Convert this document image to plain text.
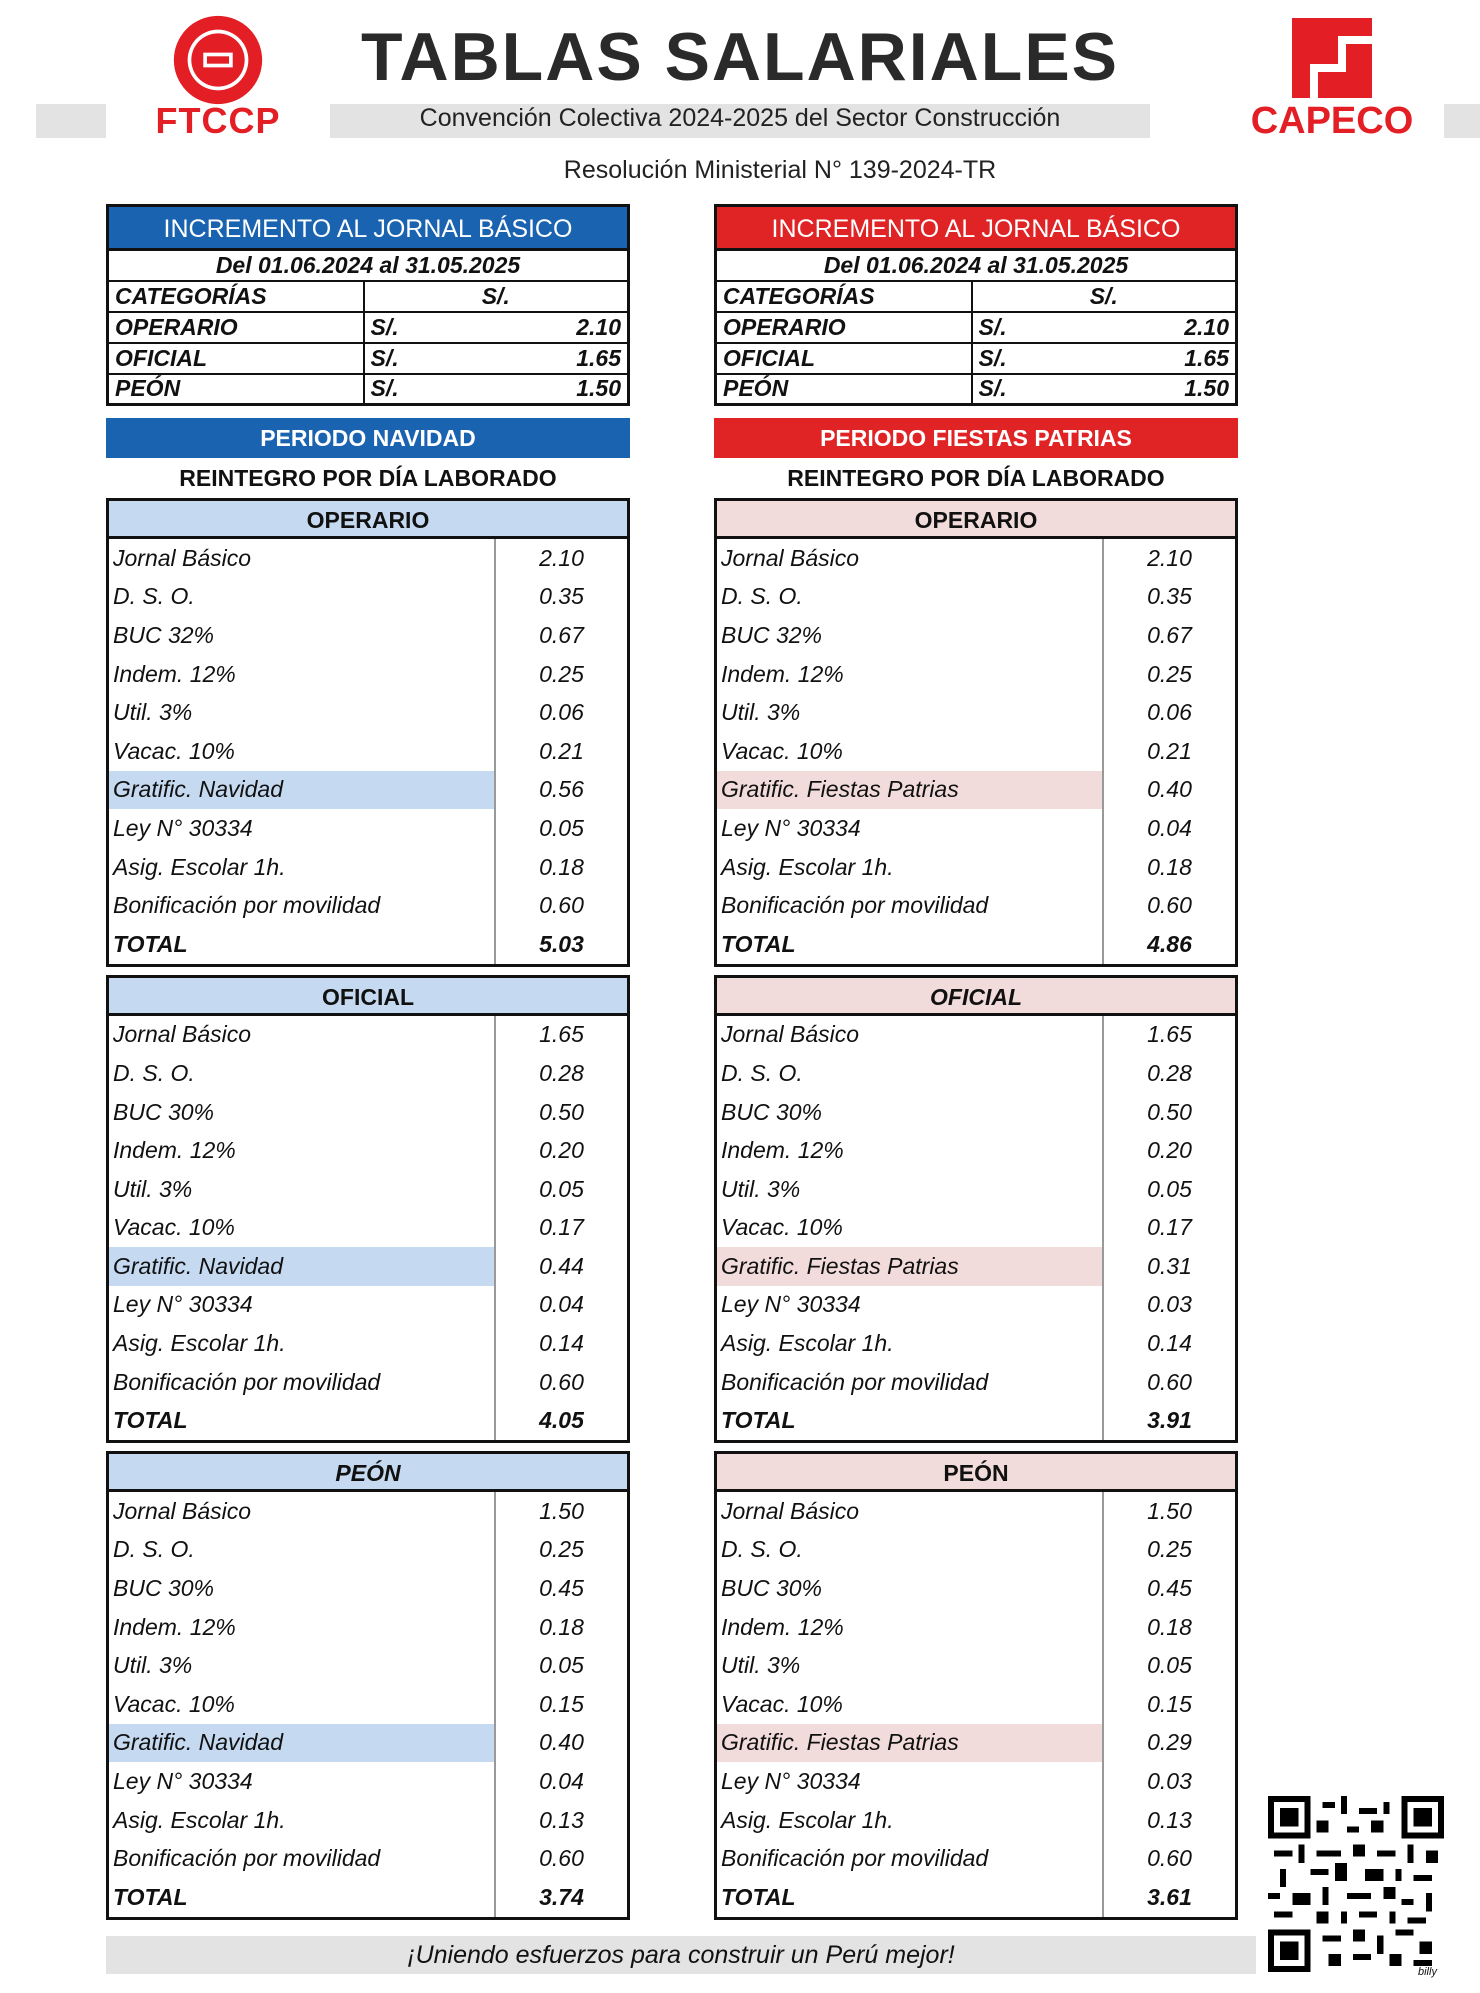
FTCCP
TABLAS SALARIALES
Convención Colectiva 2024-2025 del Sector Construcción
Resolución Ministerial N° 139-2024-TR
CAPECO
INCREMENTO AL JORNAL BÁSICO
Del 01.06.2024 al 31.05.2025		
CATEGORÍAS	S/.	
OPERARIO	S/.	2.10
OFICIAL	S/.	1.65
PEÓN	S/.	1.50
PERIODO NAVIDAD
REINTEGRO POR DÍA LABORADO
OPERARIO
Jornal Básico	2.10
D. S. O.	0.35
BUC 32%	0.67
Indem. 12%	0.25
Util. 3%	0.06
Vacac. 10%	0.21
Gratific. Navidad	0.56
Ley N° 30334	0.05
Asig. Escolar 1h.	0.18
Bonificación por movilidad	0.60
TOTAL	5.03
OFICIAL
Jornal Básico	1.65
D. S. O.	0.28
BUC 30%	0.50
Indem. 12%	0.20
Util. 3%	0.05
Vacac. 10%	0.17
Gratific. Navidad	0.44
Ley N° 30334	0.04
Asig. Escolar 1h.	0.14
Bonificación por movilidad	0.60
TOTAL	4.05
PEÓN
Jornal Básico	1.50
D. S. O.	0.25
BUC 30%	0.45
Indem. 12%	0.18
Util. 3%	0.05
Vacac. 10%	0.15
Gratific. Navidad	0.40
Ley N° 30334	0.04
Asig. Escolar 1h.	0.13
Bonificación por movilidad	0.60
TOTAL	3.74
INCREMENTO AL JORNAL BÁSICO
Del 01.06.2024 al 31.05.2025		
CATEGORÍAS	S/.	
OPERARIO	S/.	2.10
OFICIAL	S/.	1.65
PEÓN	S/.	1.50
PERIODO FIESTAS PATRIAS
REINTEGRO POR DÍA LABORADO
OPERARIO
Jornal Básico	2.10
D. S. O.	0.35
BUC 32%	0.67
Indem. 12%	0.25
Util. 3%	0.06
Vacac. 10%	0.21
Gratific. Fiestas Patrias	0.40
Ley N° 30334	0.04
Asig. Escolar 1h.	0.18
Bonificación por movilidad	0.60
TOTAL	4.86
OFICIAL
Jornal Básico	1.65
D. S. O.	0.28
BUC 30%	0.50
Indem. 12%	0.20
Util. 3%	0.05
Vacac. 10%	0.17
Gratific. Fiestas Patrias	0.31
Ley N° 30334	0.03
Asig. Escolar 1h.	0.14
Bonificación por movilidad	0.60
TOTAL	3.91
PEÓN
Jornal Básico	1.50
D. S. O.	0.25
BUC 30%	0.45
Indem. 12%	0.18
Util. 3%	0.05
Vacac. 10%	0.15
Gratific. Fiestas Patrias	0.29
Ley N° 30334	0.03
Asig. Escolar 1h.	0.13
Bonificación por movilidad	0.60
TOTAL	3.61
¡Uniendo esfuerzos para construir un Perú mejor!
billy
